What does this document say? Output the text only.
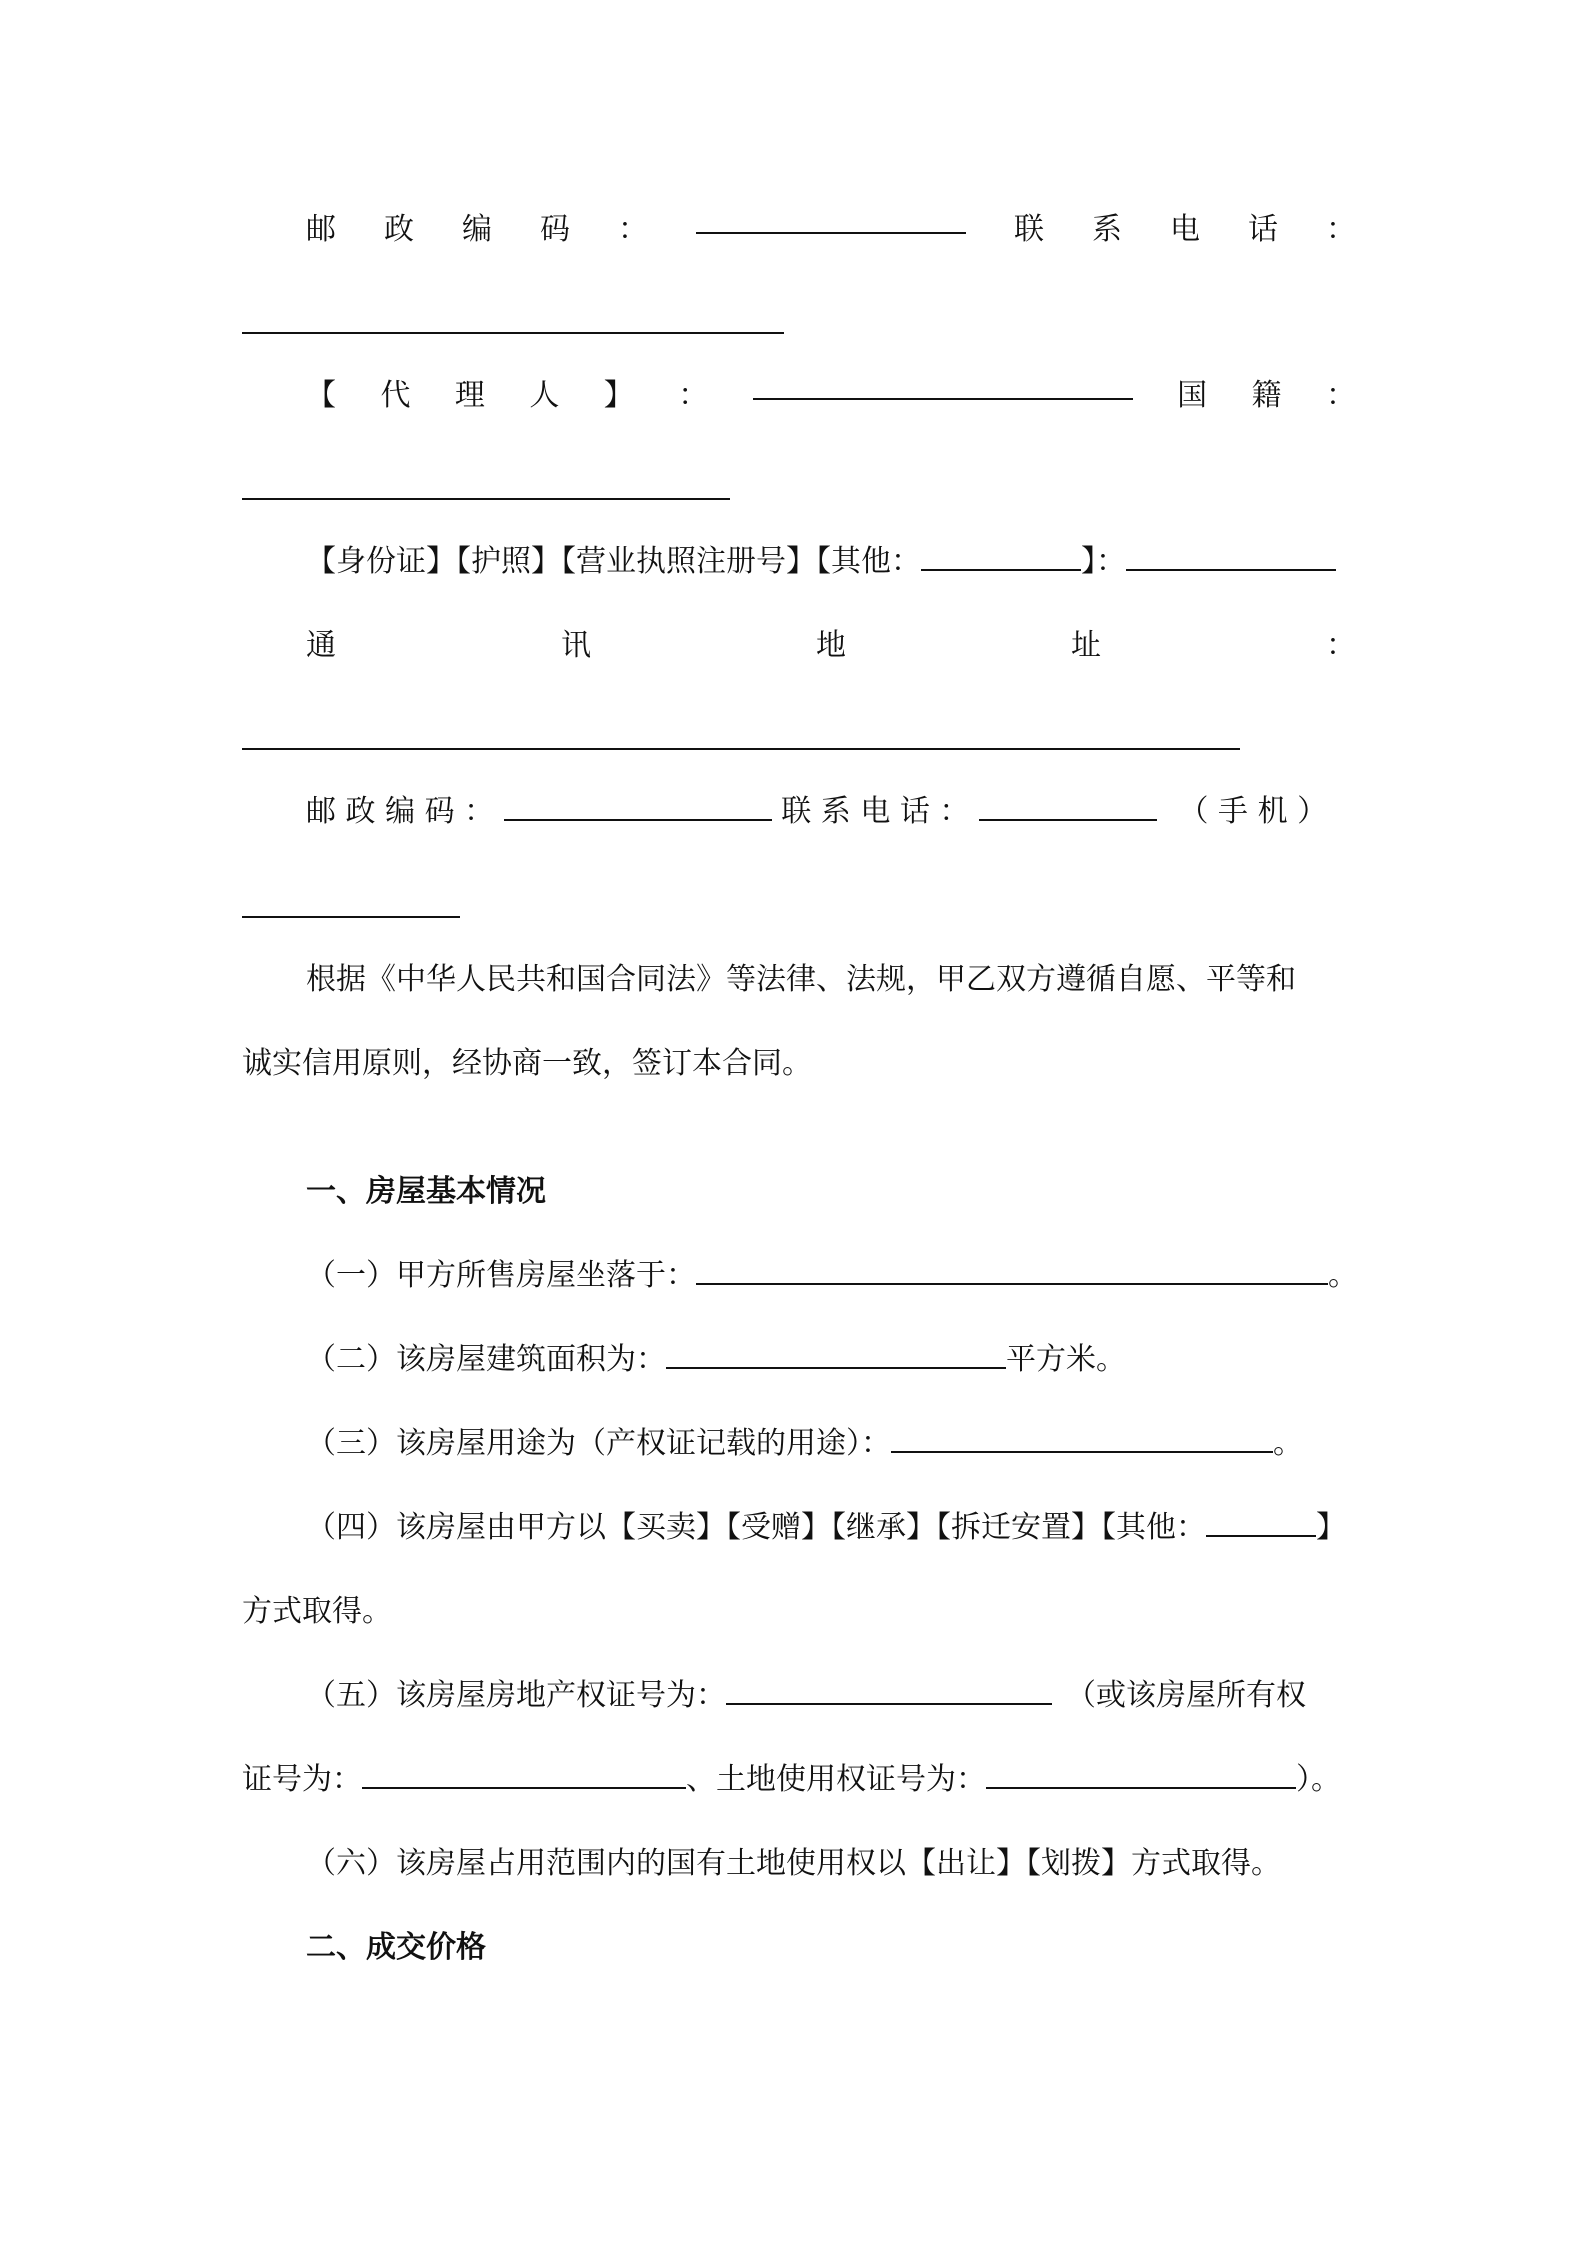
邮 政 编 码 ：	联 系 电 话 ：
【 代 理 人 】 ：	国 籍 ：
【身份证】【护照】【营业执照注册号】【其他：	】：
通	讯	地	址	：
邮 政 编 码 ：	联 系 电 话 ：	（ 手 机 ）
根据《中华人民共和国合同法》等法律、法规，甲乙双方遵循自愿、平等和
诚实信用原则，经协商一致，签订本合同。
一、房屋基本情况
（一）甲方所售房屋坐落于：	。
（二）该房屋建筑面积为：	平方米。
（三）该房屋用途为（产权证记载的用途）：	。
（四）该房屋由甲方以【买卖】【受赠】【继承】【拆迁安置】【其他：	】
方式取得。
（五）该房屋房地产权证号为：	（或该房屋所有权
证号为：	、土地使用权证号为：	）。
（六）该房屋占用范围内的国有土地使用权以【出让】【划拨】方式取得。
二、成交价格
